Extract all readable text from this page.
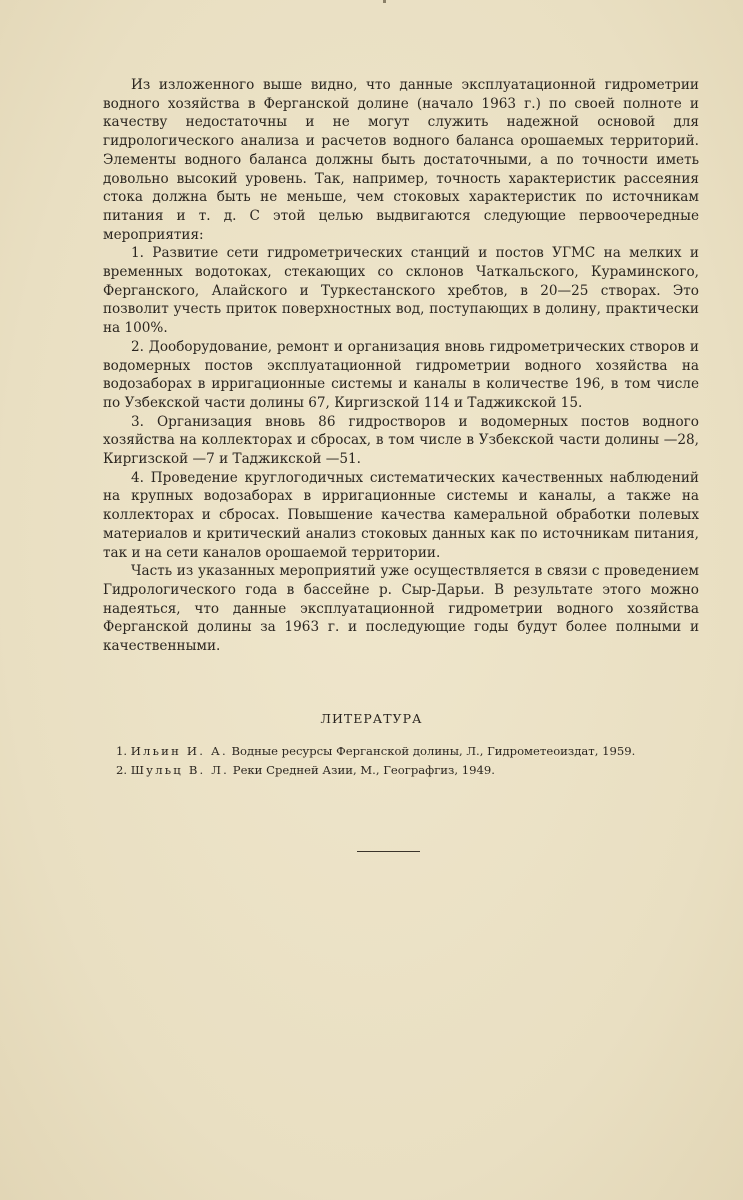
Из изложенного выше видно, что данные эксплуатационной гидрометрии водного хозяйства в Ферганской долине (начало 1963 г.) по своей полноте и качеству недостаточны и не могут служить надежной основой для гидрологического анализа и расчетов водного баланса орошаемых территорий. Элементы водного баланса должны быть достаточными, а по точности иметь довольно высокий уровень. Так, например, точность характеристик рассеяния стока должна быть не меньше, чем стоковых характеристик по источникам питания и т. д. С этой целью выдвигаются следующие первоочередные мероприятия:

1. Развитие сети гидрометрических станций и постов УГМС на мелких и временных водотоках, стекающих со склонов Чаткальского, Кураминского, Ферганского, Алайского и Туркестанского хребтов, в 20—25 створах. Это позволит учесть приток поверхностных вод, поступающих в долину, практически на 100%.

2. Дооборудование, ремонт и организация вновь гидрометрических створов и водомерных постов эксплуатационной гидрометрии водного хозяйства на водозаборах в ирригационные системы и каналы в количестве 196, в том числе по Узбекской части долины 67, Киргизской 114 и Таджикской 15.

3. Организация вновь 86 гидростворов и водомерных постов водного хозяйства на коллекторах и сбросах, в том числе в Узбекской части долины —28, Киргизской —7 и Таджикской —51.

4. Проведение круглогодичных систематических качественных наблюдений на крупных водозаборах в ирригационные системы и каналы, а также на коллекторах и сбросах. Повышение качества камеральной обработки полевых материалов и критический анализ стоковых данных как по источникам питания, так и на сети каналов орошаемой территории.

Часть из указанных мероприятий уже осуществляется в связи с проведением Гидрологического года в бассейне р. Сыр-Дарьи. В результате этого можно надеяться, что данные эксплуатационной гидрометрии водного хозяйства Ферганской долины за 1963 г. и последующие годы будут более полными и качественными.

ЛИТЕРАТУРА

1. Ильин И. А. Водные ресурсы Ферганской долины, Л., Гидрометеоиздат, 1959.
2. Шульц В. Л. Реки Средней Азии, М., Географгиз, 1949.
